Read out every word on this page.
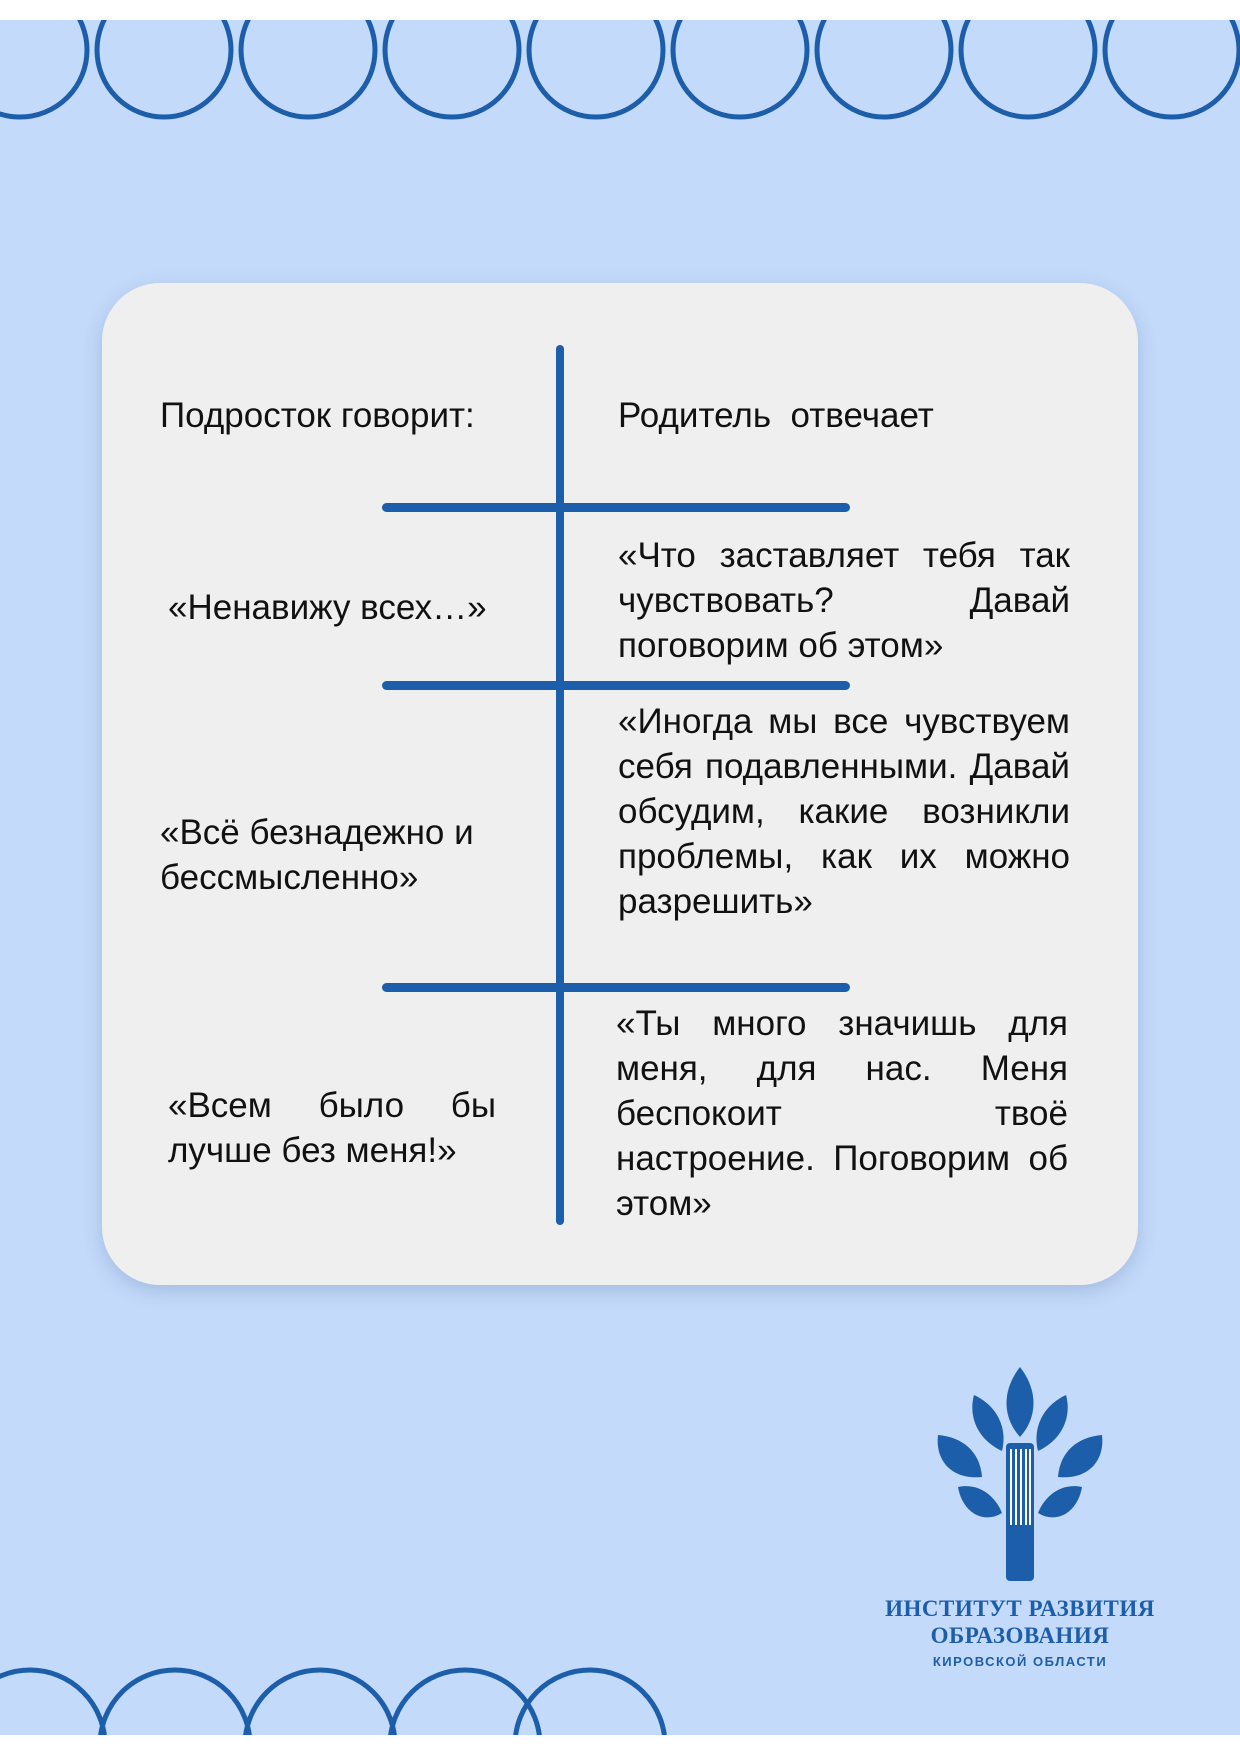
Подросток говорит:	Родитель  отвечает
«Ненавижу всех…»
«Что заставляет тебя так чувствовать? Давай поговорим об этом»
«Всё безнадежно и бессмысленно»
«Иногда мы все чувствуем себя подавленными. Давай обсудим, какие возникли проблемы, как их можно разрешить»
«Всем было бы лучше без меня!»
«Ты много значишь для меня, для нас. Меня беспокоит твоё настроение. Поговорим об этом»
ИНСТИТУТ РАЗВИТИЯ
ОБРАЗОВАНИЯ
КИРОВСКОЙ ОБЛАСТИ
